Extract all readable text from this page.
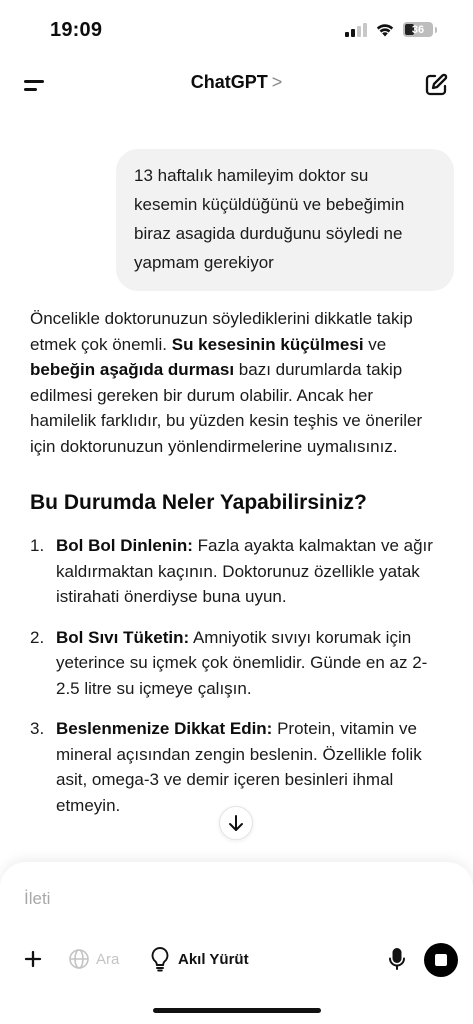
19:09	36
ChatGPT >
13 haftalık hamileyim doktor su kesemin küçüldüğünü ve bebeğimin biraz asagida durduğunu söyledi ne yapmam gerekiyor

Öncelikle doktorunuzun söylediklerini dikkatle takip etmek çok önemli. Su kesesinin küçülmesi ve bebeğin aşağıda durması bazı durumlarda takip edilmesi gereken bir durum olabilir. Ancak her hamilelik farklıdır, bu yüzden kesin teşhis ve öneriler için doktorunuzun yönlendirmelerine uymalısınız.

Bu Durumda Neler Yapabilirsiniz?
1. Bol Bol Dinlenin: Fazla ayakta kalmaktan ve ağır kaldırmaktan kaçının. Doktorunuz özellikle yatak istirahati önerdiyse buna uyun.
2. Bol Sıvı Tüketin: Amniyotik sıvıyı korumak için yeterince su içmek çok önemlidir. Günde en az 2-2.5 litre su içmeye çalışın.
3. Beslenmenize Dikkat Edin: Protein, vitamin ve mineral açısından zengin beslenin. Özellikle folik asit, omega-3 ve demir içeren besinleri ihmal etmeyin.
İleti
Ara	Akıl Yürüt
